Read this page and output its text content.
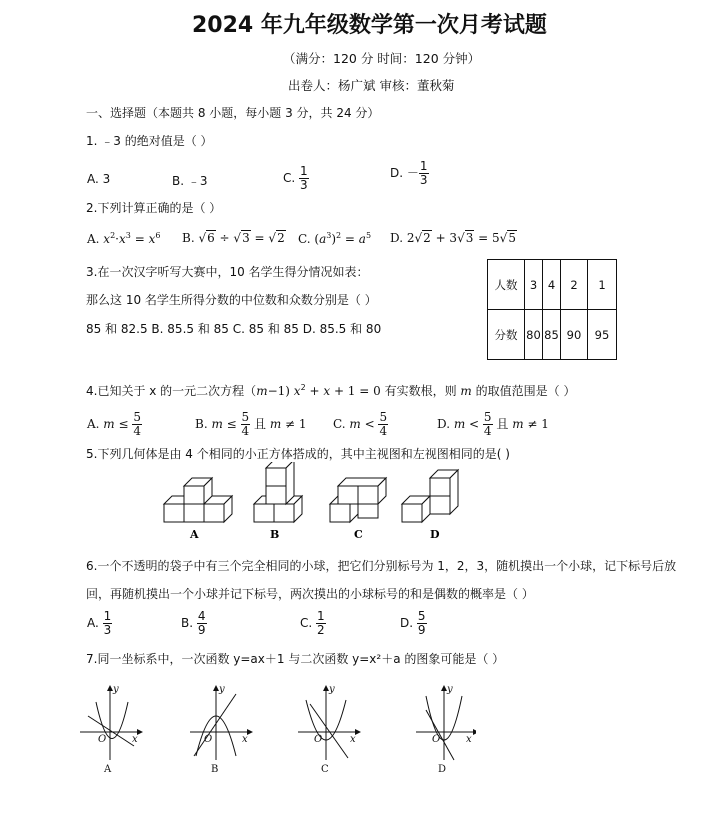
2024 年九年级数学第一次月考试题
（满分：120 分 时间：120 分钟）
出卷人：杨广斌 审核：董秋菊
一、选择题（本题共 8 小题，每小题 3 分，共 24 分）
1. ﹣3 的绝对值是（ ）
A. 3	B. ﹣3	C. $\frac{1}{3}$	D. － $\frac{1}{3}$
2.下列计算正确的是（ ）
A. $x^2\cdot x^3 = x^6$ B. √6 ÷ √3 = √2 C. $(a^3)^2 = a^5$ D. 2√2 + 3√3 = 5√5
3.在一次汉字听写大赛中，10 名学生得分情况如表：
那么这 10 名学生所得分数的中位数和众数分别是（ ）
85 和 82.5 B. 85.5 和 85 C. 85 和 85 D. 85.5 和 80
人数	3	4	2	1
分数	80	85	90	95
4.已知关于 x 的一元二次方程（m−1) $x^2 + x + 1 = 0$ 有实数根，则 m 的取值范围是（ ）
A. $m \le \frac{5}{4}$	B. $m \le \frac{5}{4}$ 且 m ≠ 1 C. $m < \frac{5}{4}$	D. $m < \frac{5}{4}$ 且 m ≠ 1
5.下列几何体是由 4 个相同的小正方体搭成的，其中主视图和左视图相同的是( )
A	B	C	D
6.一个不透明的袋子中有三个完全相同的小球，把它们分别标号为 1，2，3，随机摸出一个小球，记下标号后放
回，再随机摸出一个小球并记下标号，两次摸出的小球标号的和是偶数的概率是（ ）
A. $\frac{1}{3}$	B. $\frac{4}{9}$	C. $\frac{1}{2}$	D. $\frac{5}{9}$
7.同一坐标系中，一次函数 y=ax＋1 与二次函数 y=x²＋a 的图象可能是（ ）
y
x
O
y
x
O
y
x
O
y
x
O
A	B	C	D
